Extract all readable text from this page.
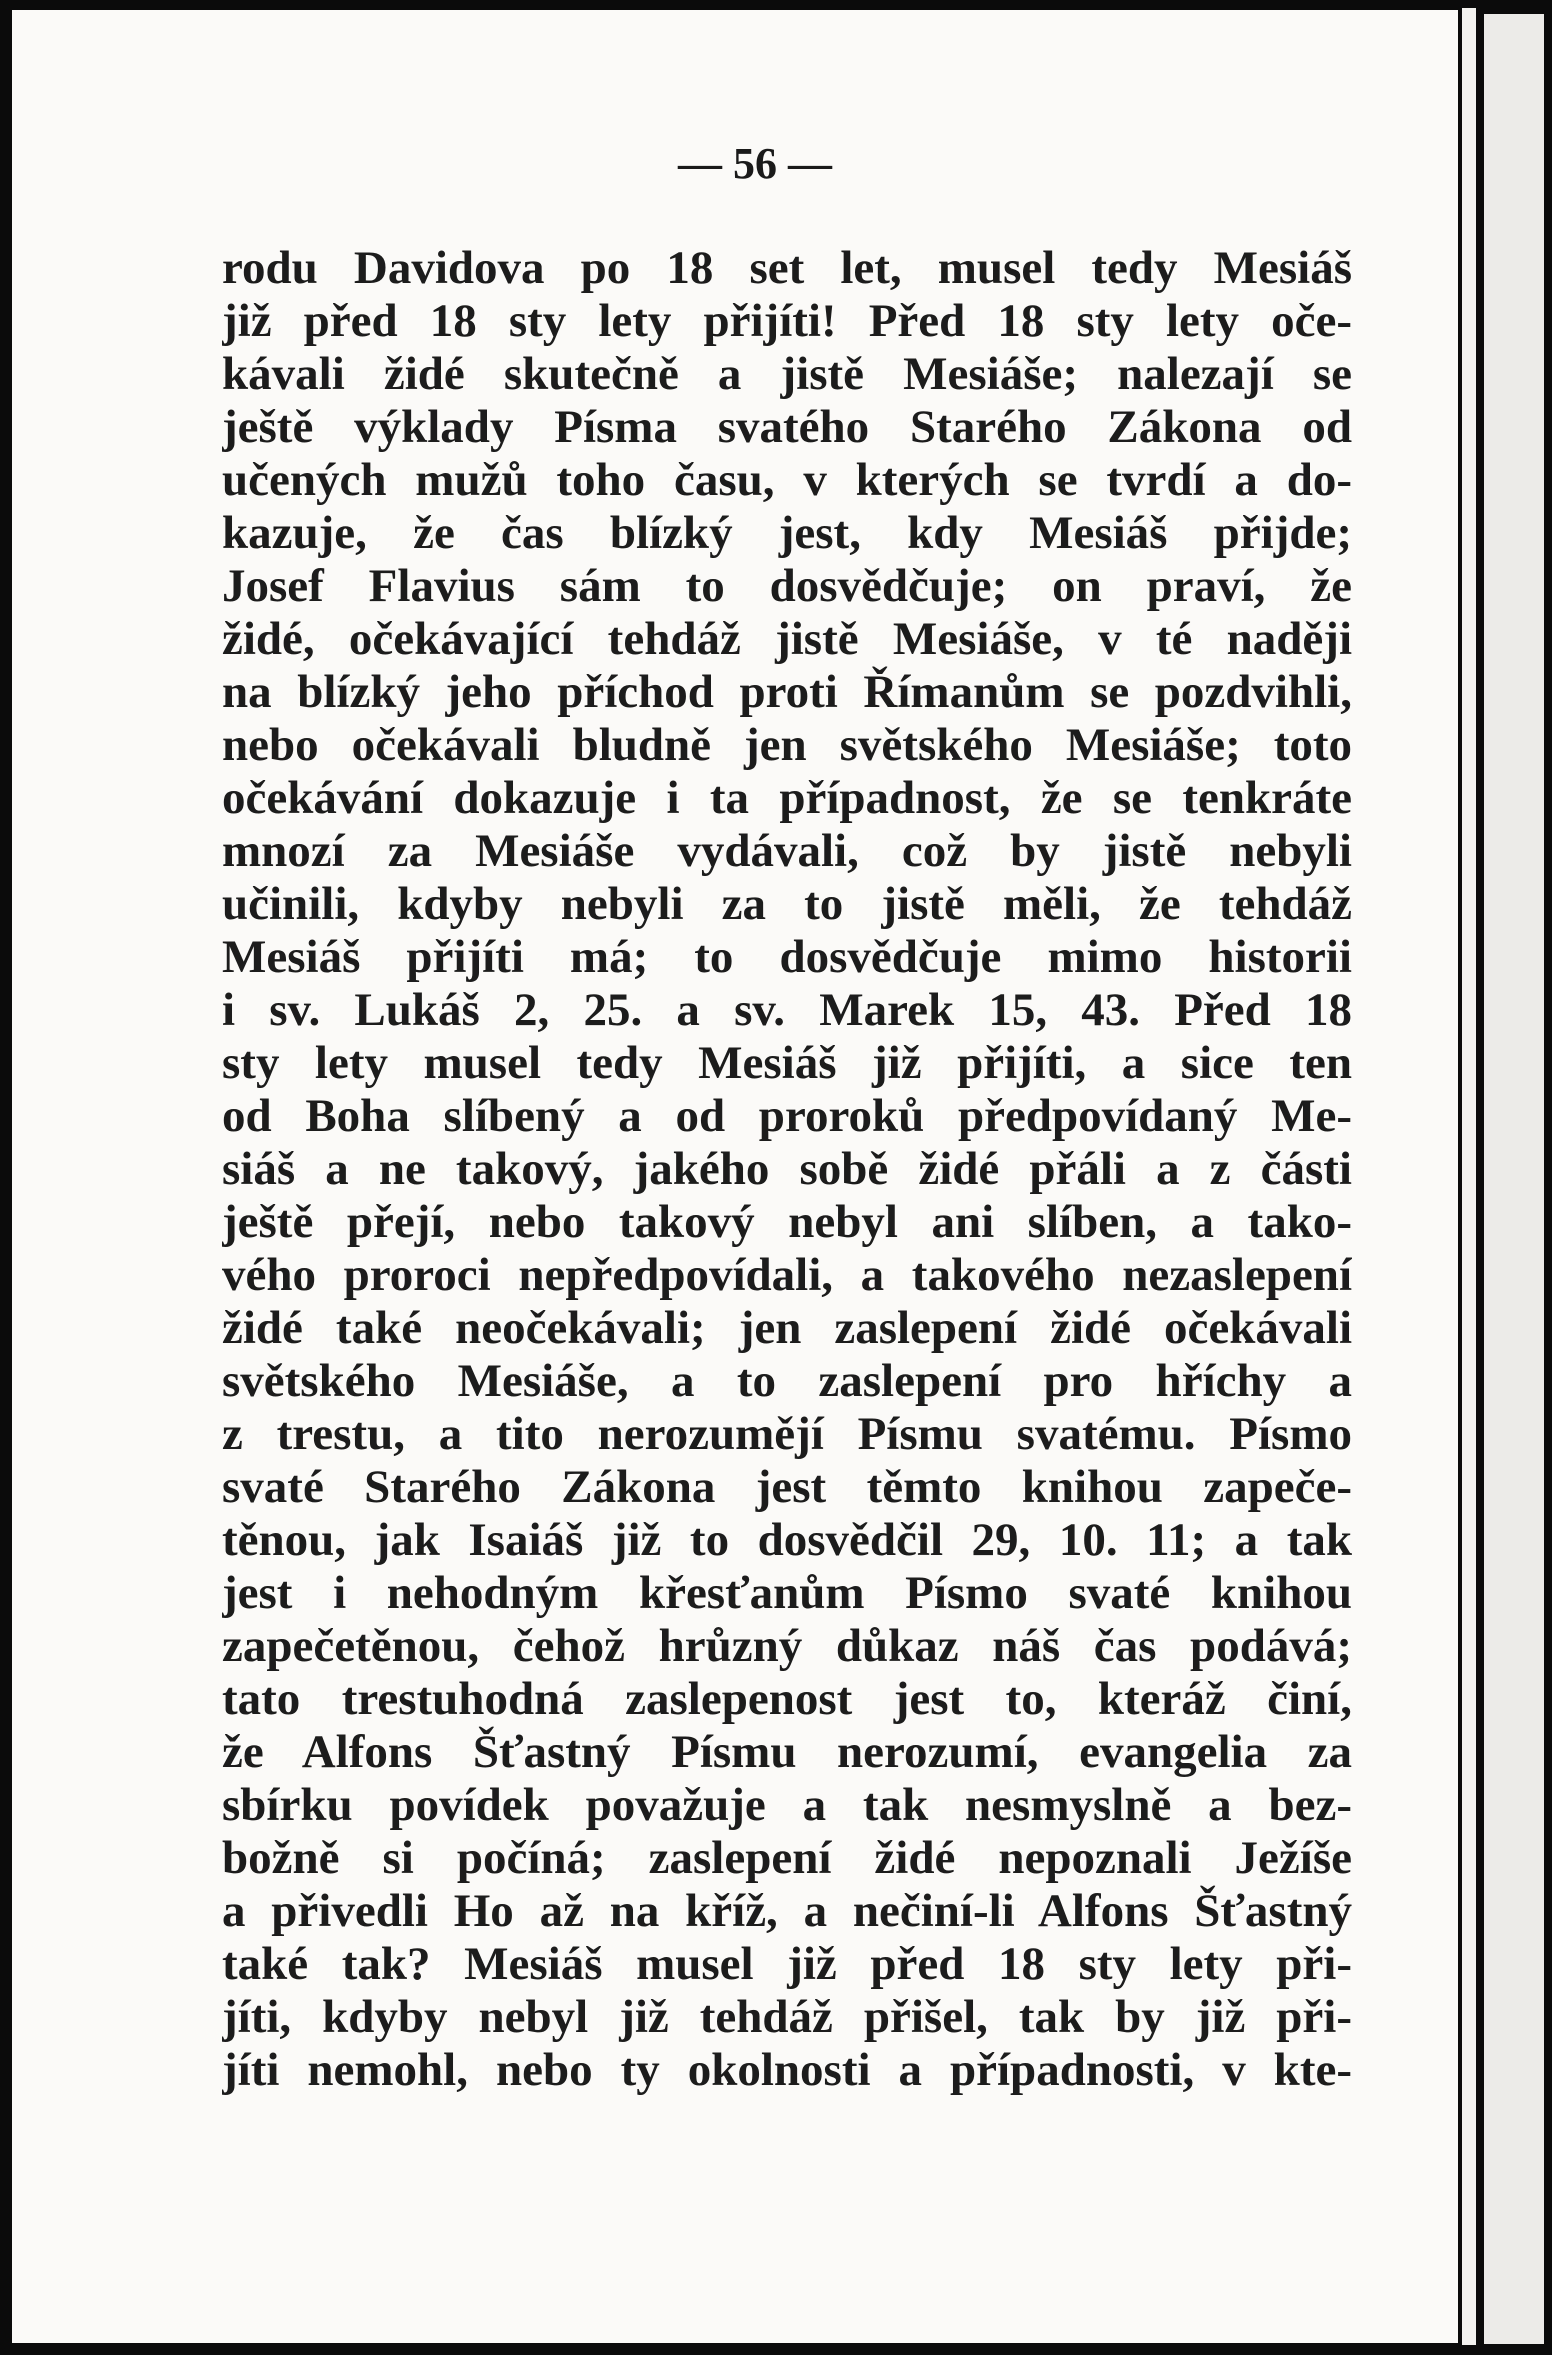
— 56 —

rodu Davidova po 18 set let, musel tedy Mesiáš
již před 18 sty lety přijíti! Před 18 sty lety oče-
kávali židé skutečně a jistě Mesiáše; nalezají se
ještě výklady Písma svatého Starého Zákona od
učených mužů toho času, v kterých se tvrdí a do-
kazuje, že čas blízký jest, kdy Mesiáš přijde;
Josef Flavius sám to dosvědčuje; on praví, že
židé, očekávající tehdáž jistě Mesiáše, v té naději
na blízký jeho příchod proti Římanům se pozdvihli,
nebo očekávali bludně jen světského Mesiáše; toto
očekávání dokazuje i ta případnost, že se tenkráte
mnozí za Mesiáše vydávali, což by jistě nebyli
učinili, kdyby nebyli za to jistě měli, že tehdáž
Mesiáš přijíti má; to dosvědčuje mimo historii
i sv. Lukáš 2, 25. a sv. Marek 15, 43. Před 18
sty lety musel tedy Mesiáš již přijíti, a sice ten
od Boha slíbený a od proroků předpovídaný Me-
siáš a ne takový, jakého sobě židé přáli a z části
ještě přejí, nebo takový nebyl ani slíben, a tako-
vého proroci nepředpovídali, a takového nezaslepení
židé také neočekávali; jen zaslepení židé očekávali
světského Mesiáše, a to zaslepení pro hříchy a
z trestu, a tito nerozumějí Písmu svatému. Písmo
svaté Starého Zákona jest těmto knihou zapeče-
těnou, jak Isaiáš již to dosvědčil 29, 10. 11; a tak
jest i nehodným křesťanům Písmo svaté knihou
zapečetěnou, čehož hrůzný důkaz náš čas podává;
tato trestuhodná zaslepenost jest to, kteráž činí,
že Alfons Šťastný Písmu nerozumí, evangelia za
sbírku povídek považuje a tak nesmyslně a bez-
božně si počíná; zaslepení židé nepoznali Ježíše
a přivedli Ho až na kříž, a nečiní-li Alfons Šťastný
také tak? Mesiáš musel již před 18 sty lety při-
jíti, kdyby nebyl již tehdáž přišel, tak by již při-
jíti nemohl, nebo ty okolnosti a případnosti, v kte-
